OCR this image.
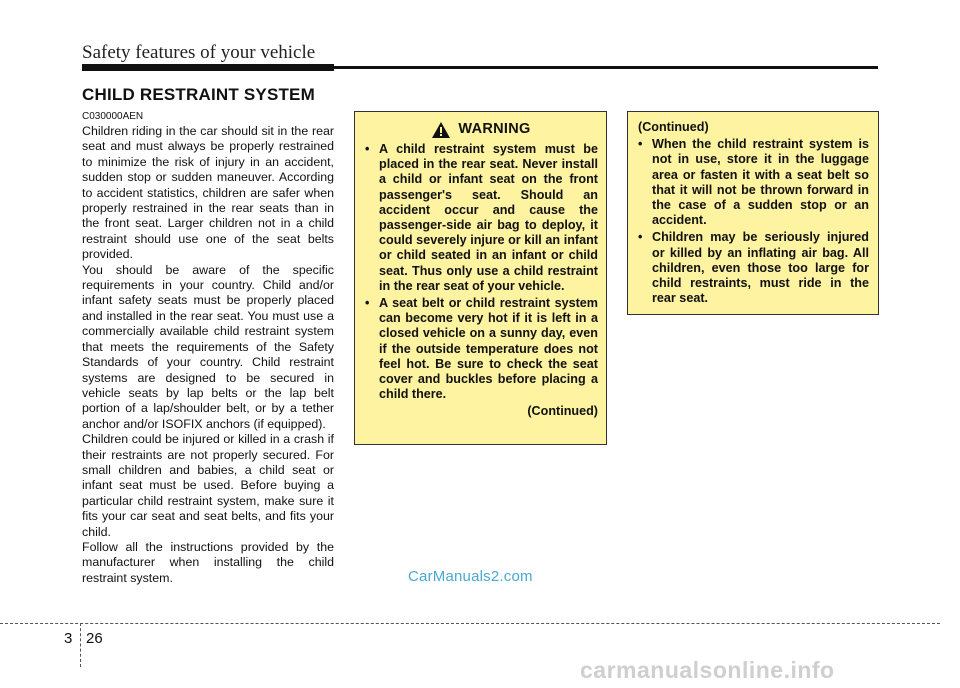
Safety features of your vehicle
CHILD RESTRAINT SYSTEM
C030000AEN

Children riding in the car should sit in the rear seat and must always be properly restrained to minimize the risk of injury in an accident, sudden stop or sudden maneuver. According to accident statistics, children are safer when properly restrained in the rear seats than in the front seat. Larger children not in a child restraint should use one of the seat belts provided.

You should be aware of the specific requirements in your country. Child and/or infant safety seats must be properly placed and installed in the rear seat. You must use a commercially available child restraint system that meets the requirements of the Safety Standards of your country. Child restraint systems are designed to be secured in vehicle seats by lap belts or the lap belt portion of a lap/shoulder belt, or by a tether anchor and/or ISOFIX anchors (if equipped).

Children could be injured or killed in a crash if their restraints are not properly secured. For small children and babies, a child seat or infant seat must be used. Before buying a particular child restraint system, make sure it fits your car seat and seat belts, and fits your child.

Follow all the instructions provided by the manufacturer when installing the child restraint system.

WARNING
• A child restraint system must be placed in the rear seat. Never install a child or infant seat on the front passenger's seat. Should an accident occur and cause the passenger-side air bag to deploy, it could severely injure or kill an infant or child seated in an infant or child seat. Thus only use a child restraint in the rear seat of your vehicle.
• A seat belt or child restraint system can become very hot if it is left in a closed vehicle on a sunny day, even if the outside temperature does not feel hot. Be sure to check the seat cover and buckles before placing a child there.
(Continued)
(Continued)
• When the child restraint system is not in use, store it in the luggage area or fasten it with a seat belt so that it will not be thrown forward in the case of a sudden stop or an accident.
• Children may be seriously injured or killed by an inflating air bag. All children, even those too large for child restraints, must ride in the rear seat.
CarManuals2.com
3 26
carmanualsonline.info
